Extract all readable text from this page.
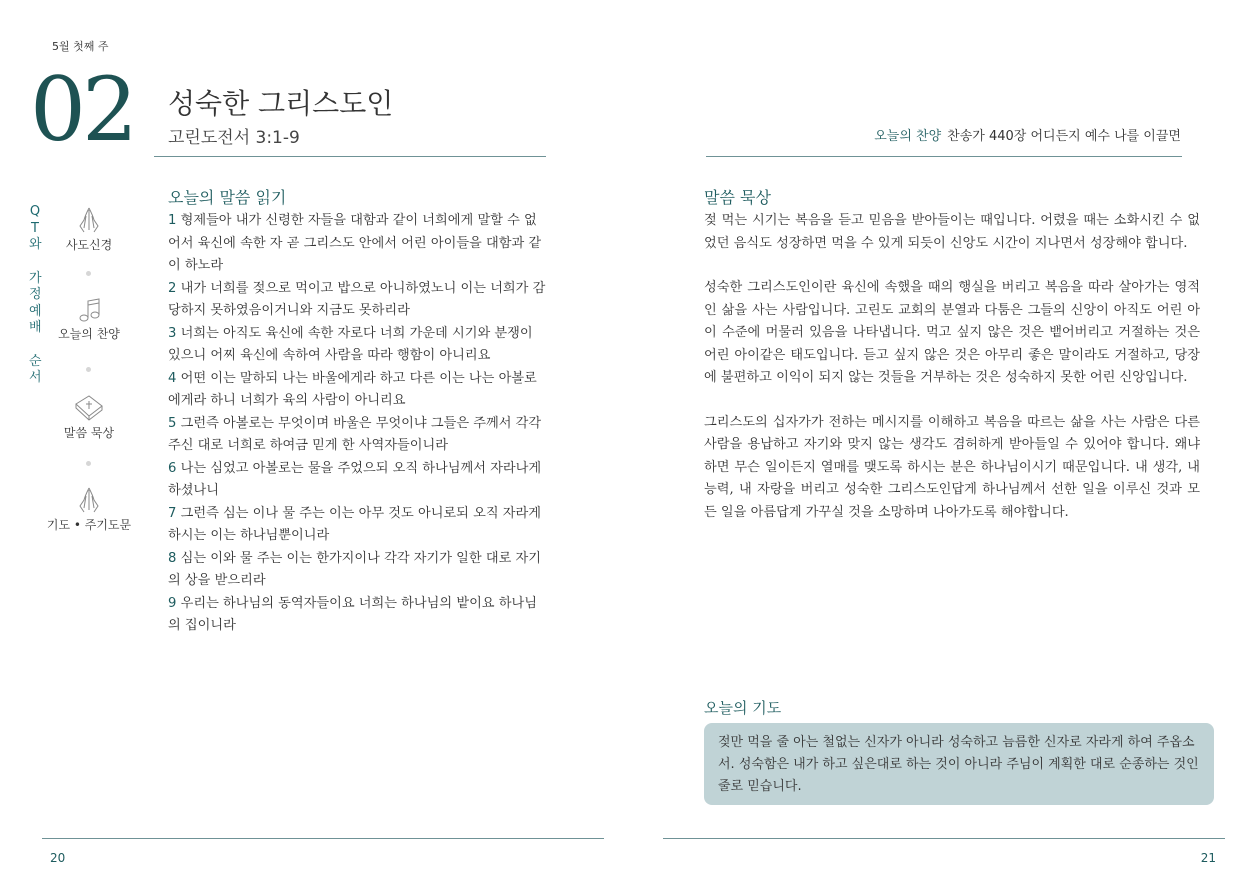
5월 첫째 주
02 성숙한 그리스도인
고린도전서 3:1-9	오늘의 찬양 찬송가 440장 어디든지 예수 나를 이끌면
Q
T
와
가
정
예
배
순
서
사도신경
오늘의 찬양
말씀 묵상
기도 • 주기도문
오늘의 말씀 읽기
1 형제들아 내가 신령한 자들을 대함과 같이 너희에게 말할 수 없어서 육신에 속한 자 곧 그리스도 안에서 어린 아이들을 대함과 같이 하노라
2 내가 너희를 젖으로 먹이고 밥으로 아니하였노니 이는 너희가 감당하지 못하였음이거니와 지금도 못하리라
3 너희는 아직도 육신에 속한 자로다 너희 가운데 시기와 분쟁이 있으니 어찌 육신에 속하여 사람을 따라 행함이 아니리요
4 어떤 이는 말하되 나는 바울에게라 하고 다른 이는 나는 아볼로에게라 하니 너희가 육의 사람이 아니리요
5 그런즉 아볼로는 무엇이며 바울은 무엇이냐 그들은 주께서 각각 주신 대로 너희로 하여금 믿게 한 사역자들이니라
6 나는 심었고 아볼로는 물을 주었으되 오직 하나님께서 자라나게 하셨나니
7 그런즉 심는 이나 물 주는 이는 아무 것도 아니로되 오직 자라게 하시는 이는 하나님뿐이니라
8 심는 이와 물 주는 이는 한가지이나 각각 자기가 일한 대로 자기의 상을 받으리라
9 우리는 하나님의 동역자들이요 너희는 하나님의 밭이요 하나님의 집이니라
말씀 묵상

젖 먹는 시기는 복음을 듣고 믿음을 받아들이는 때입니다. 어렸을 때는 소화시킨 수 없었던 음식도 성장하면 먹을 수 있게 되듯이 신앙도 시간이 지나면서 성장해야 합니다.

성숙한 그리스도인이란 육신에 속했을 때의 행실을 버리고 복음을 따라 살아가는 영적인 삶을 사는 사람입니다. 고린도 교회의 분열과 다툼은 그들의 신앙이 아직도 어린 아이 수준에 머물러 있음을 나타냅니다. 먹고 싶지 않은 것은 뱉어버리고 거절하는 것은 어린 아이같은 태도입니다. 듣고 싶지 않은 것은 아무리 좋은 말이라도 거절하고, 당장에 불편하고 이익이 되지 않는 것들을 거부하는 것은 성숙하지 못한 어린 신앙입니다.

그리스도의 십자가가 전하는 메시지를 이해하고 복음을 따르는 삶을 사는 사람은 다른 사람을 용납하고 자기와 맞지 않는 생각도 겸허하게 받아들일 수 있어야 합니다. 왜냐하면 무슨 일이든지 열매를 맺도록 하시는 분은 하나님이시기 때문입니다. 내 생각, 내 능력, 내 자랑을 버리고 성숙한 그리스도인답게 하나님께서 선한 일을 이루신 것과 모든 일을 아름답게 가꾸실 것을 소망하며 나아가도록 해야합니다.

오늘의 기도
젖만 먹을 줄 아는 철없는 신자가 아니라 성숙하고 늠름한 신자로 자라게 하여 주옵소서. 성숙함은 내가 하고 싶은대로 하는 것이 아니라 주님이 계획한 대로 순종하는 것인줄로 믿습니다.
20	21
